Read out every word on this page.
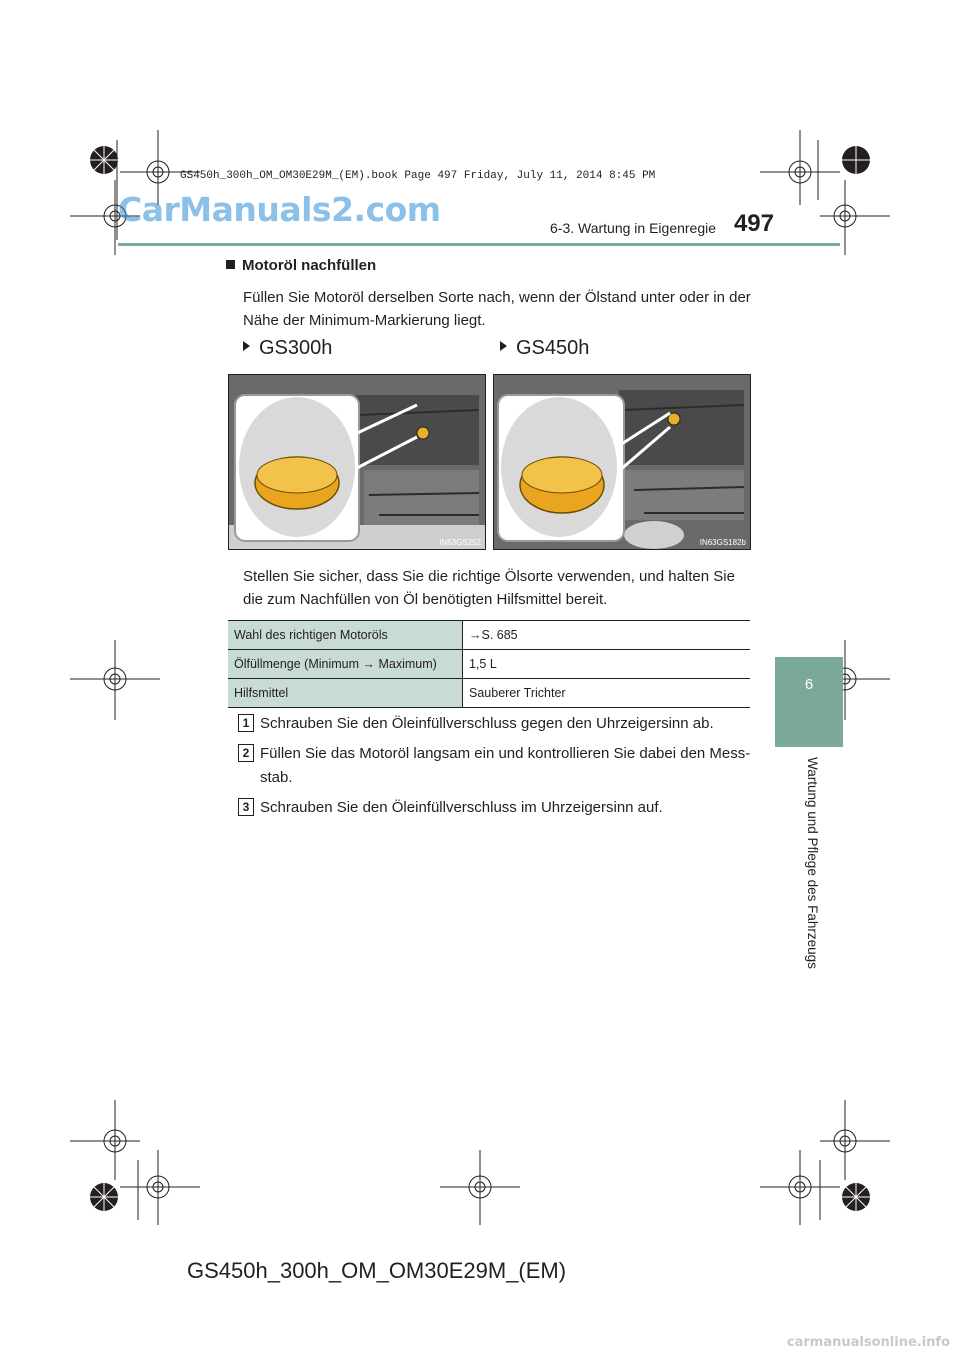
GS450h_300h_OM_OM30E29M_(EM).book Page 497 Friday, July 11, 2014 8:45 PM
CarManuals2.com	6-3. Wartung in Eigenregie 497
6
Wartung und Pflege des Fahrzeugs
Motoröl nachfüllen
Füllen Sie Motoröl derselben Sorte nach, wenn der Ölstand unter oder in der Nähe der Minimum-Markierung liegt.
GS300h	GS450h
IN63GS252	IN63GS182b
Stellen Sie sicher, dass Sie die richtige Ölsorte verwenden, und halten Sie die zum Nachfüllen von Öl benötigten Hilfsmittel bereit.
Wahl des richtigen Motoröls	→S. 685
Ölfüllmenge (Minimum → Maximum)	1,5 L
Hilfsmittel	Sauberer Trichter
1 Schrauben Sie den Öleinfüllverschluss gegen den Uhrzeigersinn ab.
2 Füllen Sie das Motoröl langsam ein und kontrollieren Sie dabei den Mess-stab.
3 Schrauben Sie den Öleinfüllverschluss im Uhrzeigersinn auf.
GS450h_300h_OM_OM30E29M_(EM)
carmanualsonline.info
